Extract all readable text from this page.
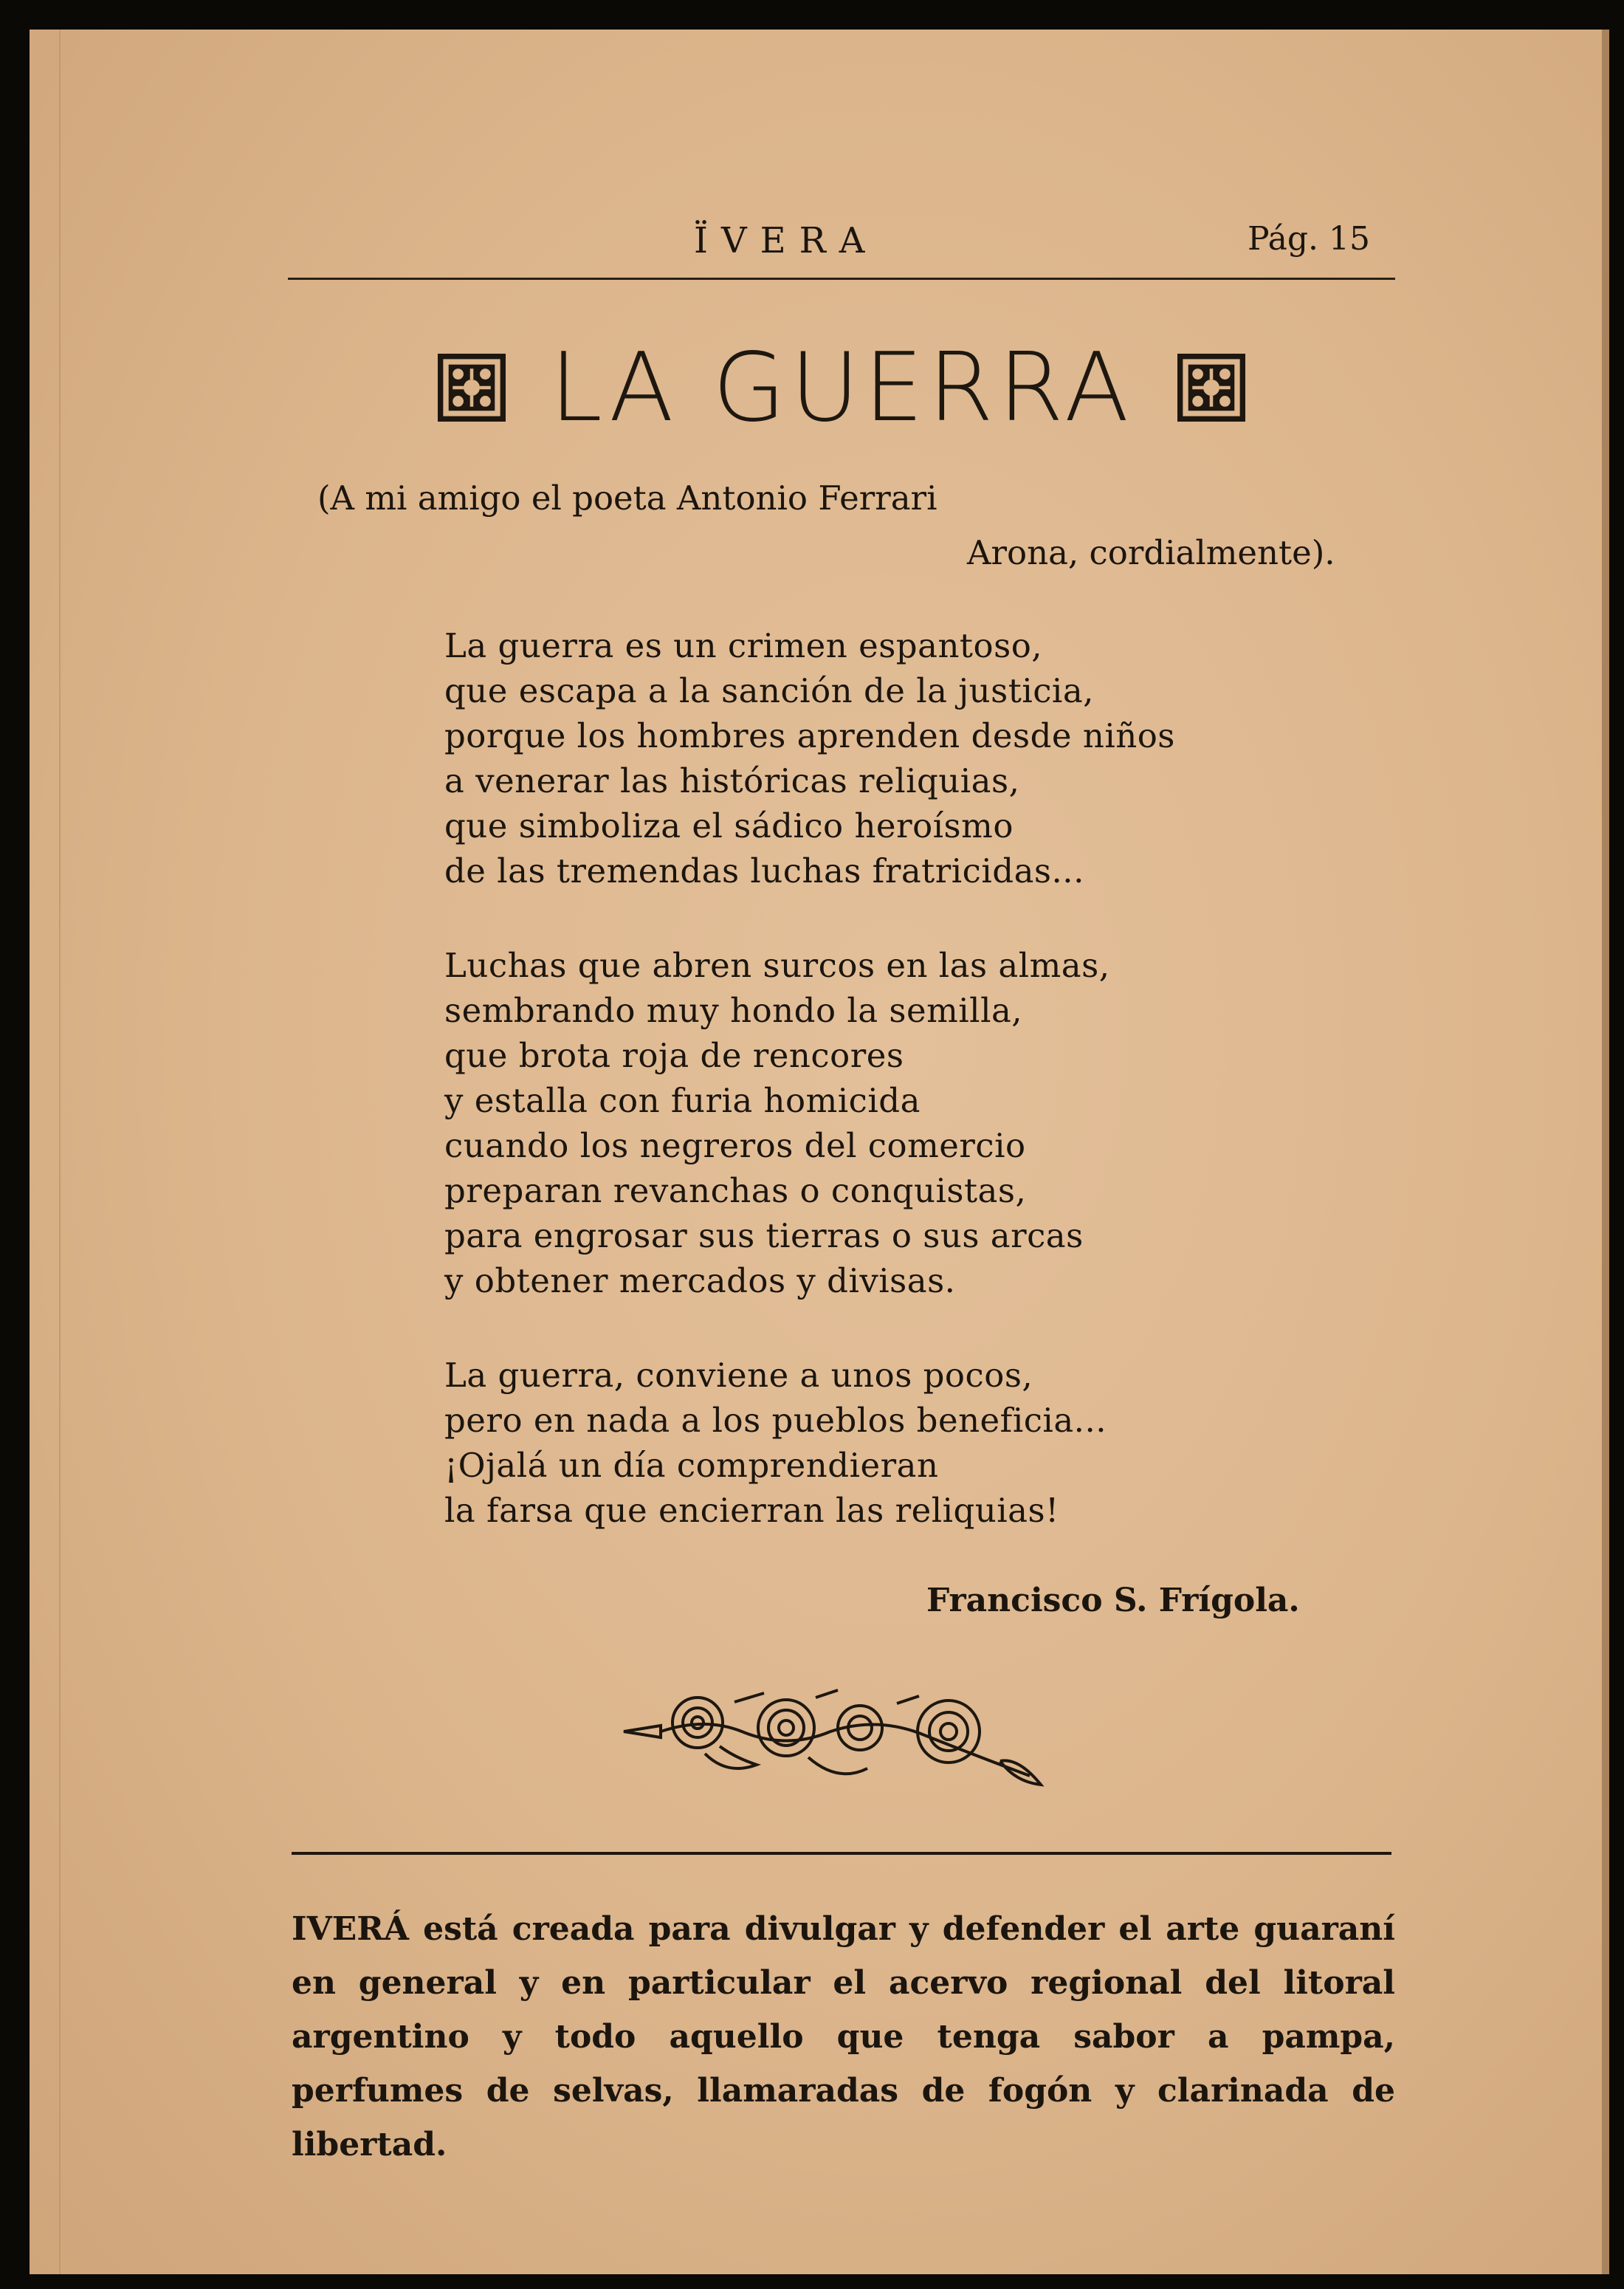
ÏVERA	Pág. 15
LA GUERRA
(A mi amigo el poeta Antonio Ferrari
Arona, cordialmente).
La guerra es un crimen espantoso,
que escapa a la sanción de la justicia,
porque los hombres aprenden desde niños
a venerar las históricas reliquias,
que simboliza el sádico heroísmo
de las tremendas luchas fratricidas...
Luchas que abren surcos en las almas,
sembrando muy hondo la semilla,
que brota roja de rencores
y estalla con furia homicida
cuando los negreros del comercio
preparan revanchas o conquistas,
para engrosar sus tierras o sus arcas
y obtener mercados y divisas.
La guerra, conviene a unos pocos,
pero en nada a los pueblos beneficia...
¡Ojalá un día comprendieran
la farsa que encierran las reliquias!
Francisco S. Frígola.
IVERÁ está creada para divulgar y defender el arte guaraní en general y en particular el acervo regional del litoral argentino y todo aquello que tenga sabor a pampa, perfumes de selvas, llamaradas de fogón y clarinada de libertad.
